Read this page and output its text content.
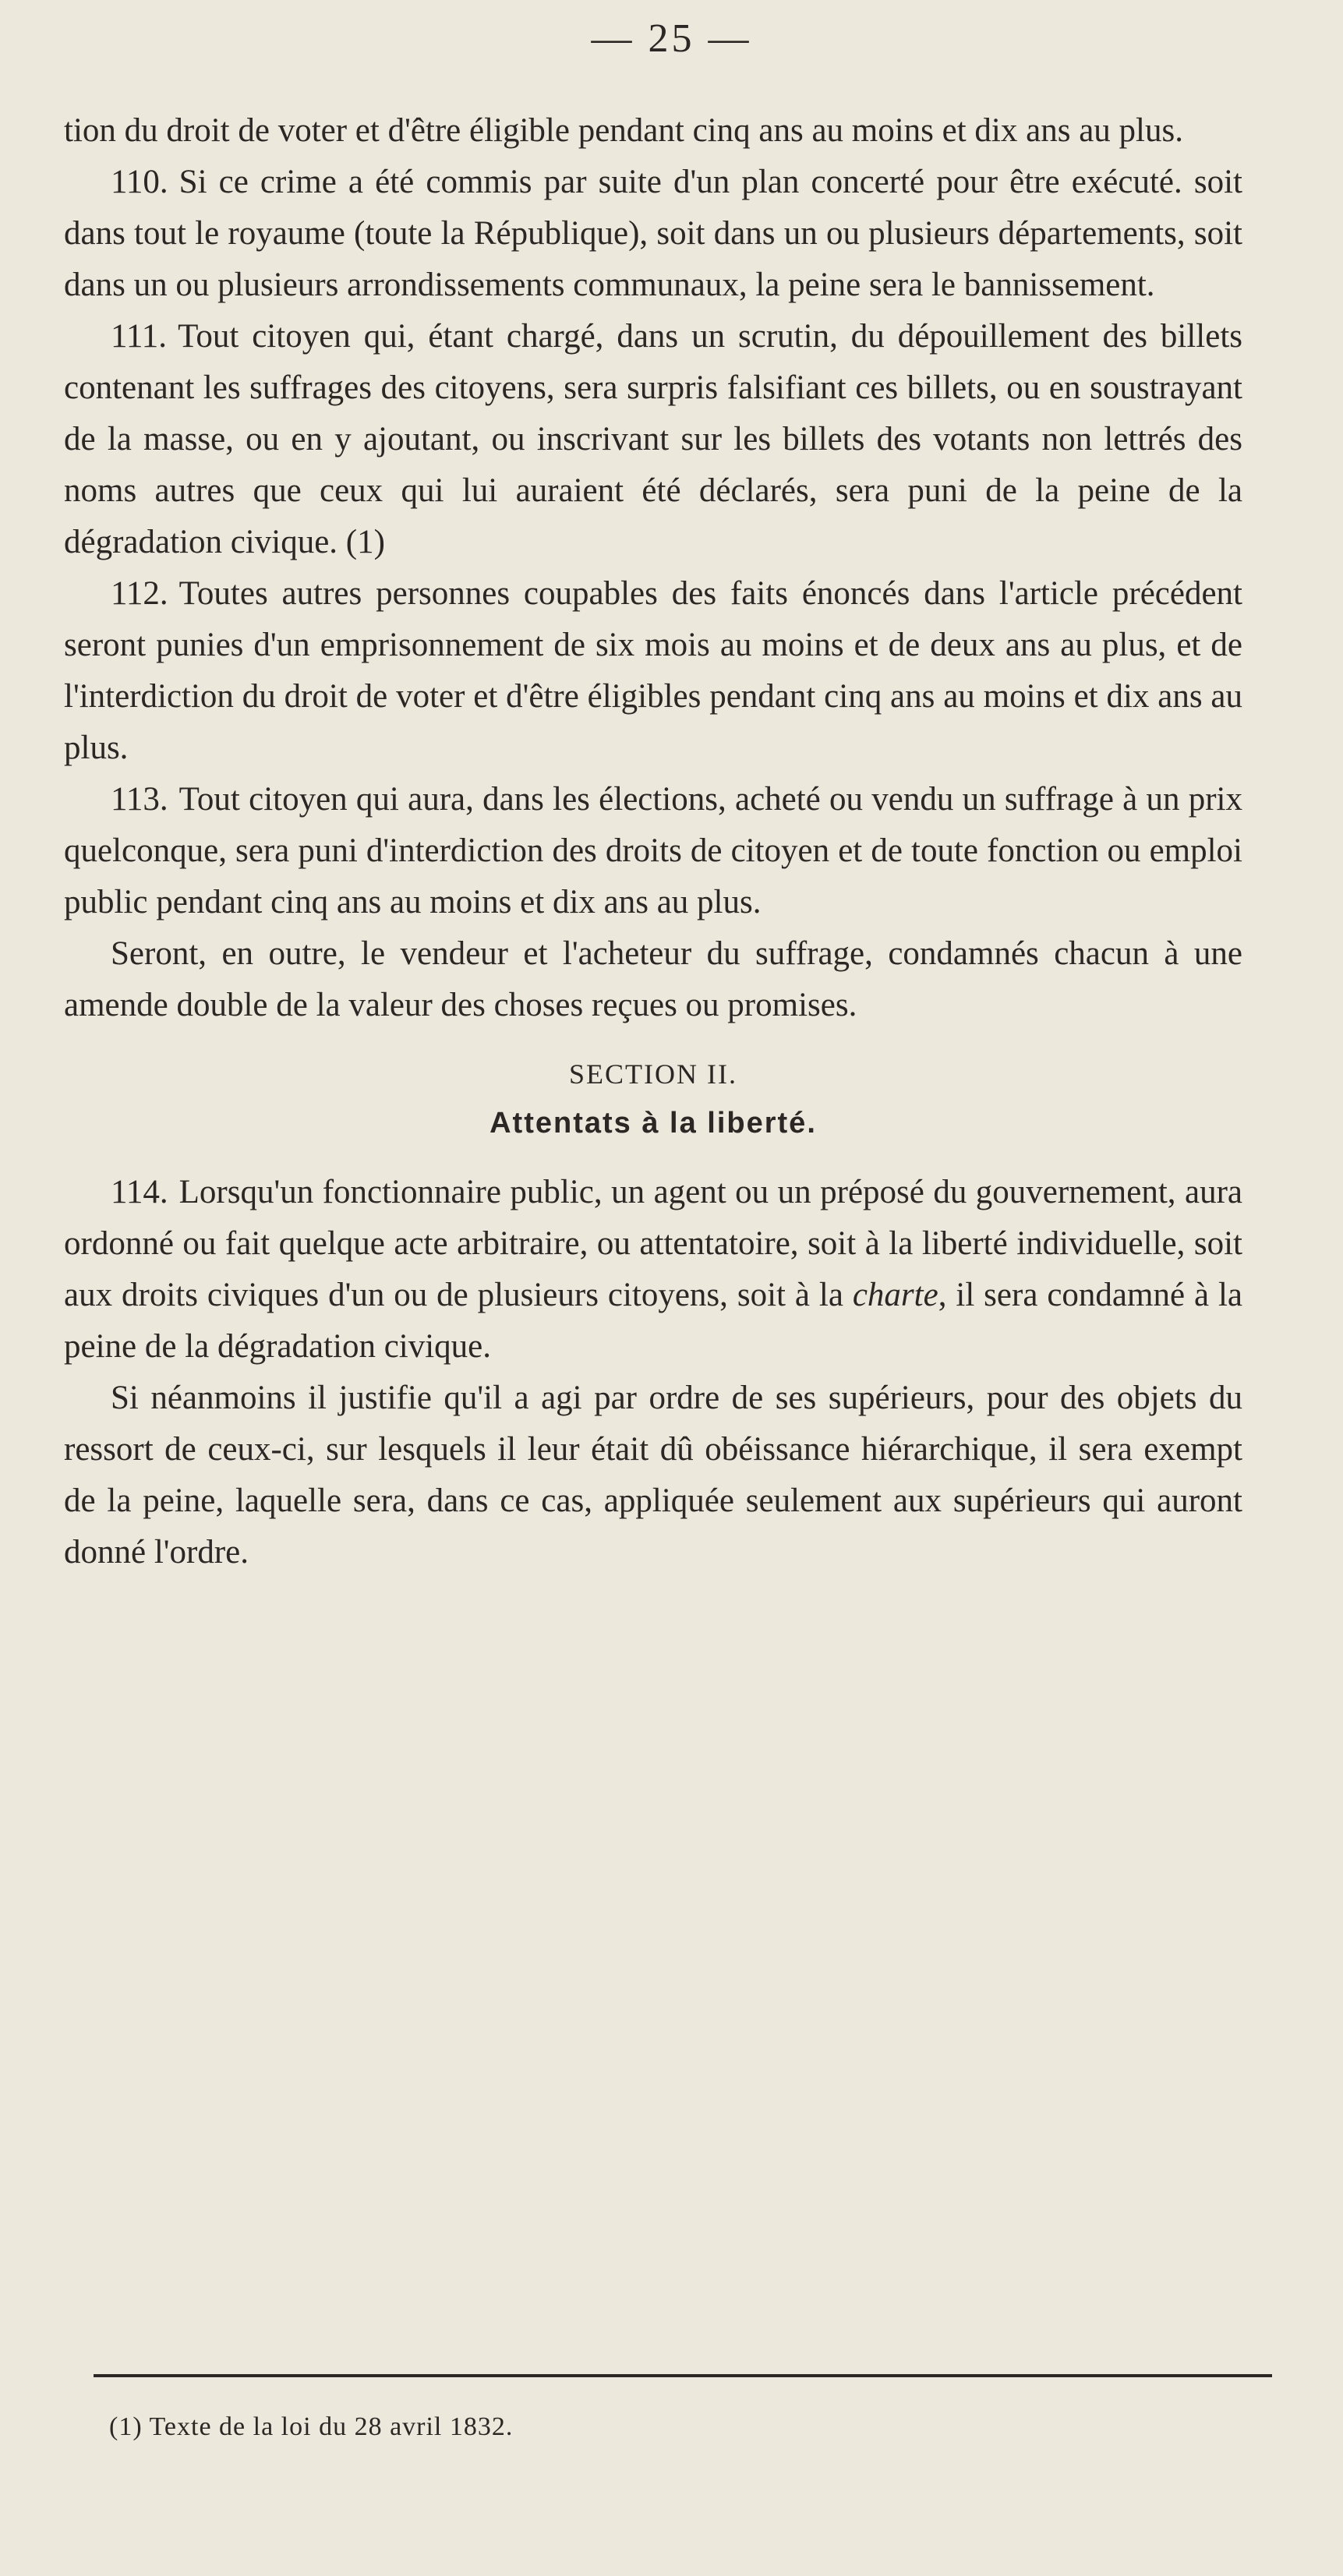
— 25 —

tion du droit de voter et d'être éligible pendant cinq ans au moins et dix ans au plus.

110. Si ce crime a été commis par suite d'un plan concerté pour être exécuté. soit dans tout le royaume (toute la République), soit dans un ou plusieurs départements, soit dans un ou plusieurs arrondissements communaux, la peine sera le bannissement.

111. Tout citoyen qui, étant chargé, dans un scrutin, du dépouillement des billets contenant les suffrages des citoyens, sera surpris falsifiant ces billets, ou en soustrayant de la masse, ou en y ajoutant, ou inscrivant sur les billets des votants non lettrés des noms autres que ceux qui lui auraient été déclarés, sera puni de la peine de la dégradation civique. (1)

112. Toutes autres personnes coupables des faits énoncés dans l'article précédent seront punies d'un emprisonnement de six mois au moins et de deux ans au plus, et de l'interdiction du droit de voter et d'être éligibles pendant cinq ans au moins et dix ans au plus.

113. Tout citoyen qui aura, dans les élections, acheté ou vendu un suffrage à un prix quelconque, sera puni d'interdiction des droits de citoyen et de toute fonction ou emploi public pendant cinq ans au moins et dix ans au plus.

Seront, en outre, le vendeur et l'acheteur du suffrage, condamnés chacun à une amende double de la valeur des choses reçues ou promises.

SECTION II.
Attentats à la liberté.

114. Lorsqu'un fonctionnaire public, un agent ou un préposé du gouvernement, aura ordonné ou fait quelque acte arbitraire, ou attentatoire, soit à la liberté individuelle, soit aux droits civiques d'un ou de plusieurs citoyens, soit à la charte, il sera condamné à la peine de la dégradation civique.

Si néanmoins il justifie qu'il a agi par ordre de ses supérieurs, pour des objets du ressort de ceux-ci, sur lesquels il leur était dû obéissance hiérarchique, il sera exempt de la peine, laquelle sera, dans ce cas, appliquée seulement aux supérieurs qui auront donné l'ordre.

(1) Texte de la loi du 28 avril 1832.
